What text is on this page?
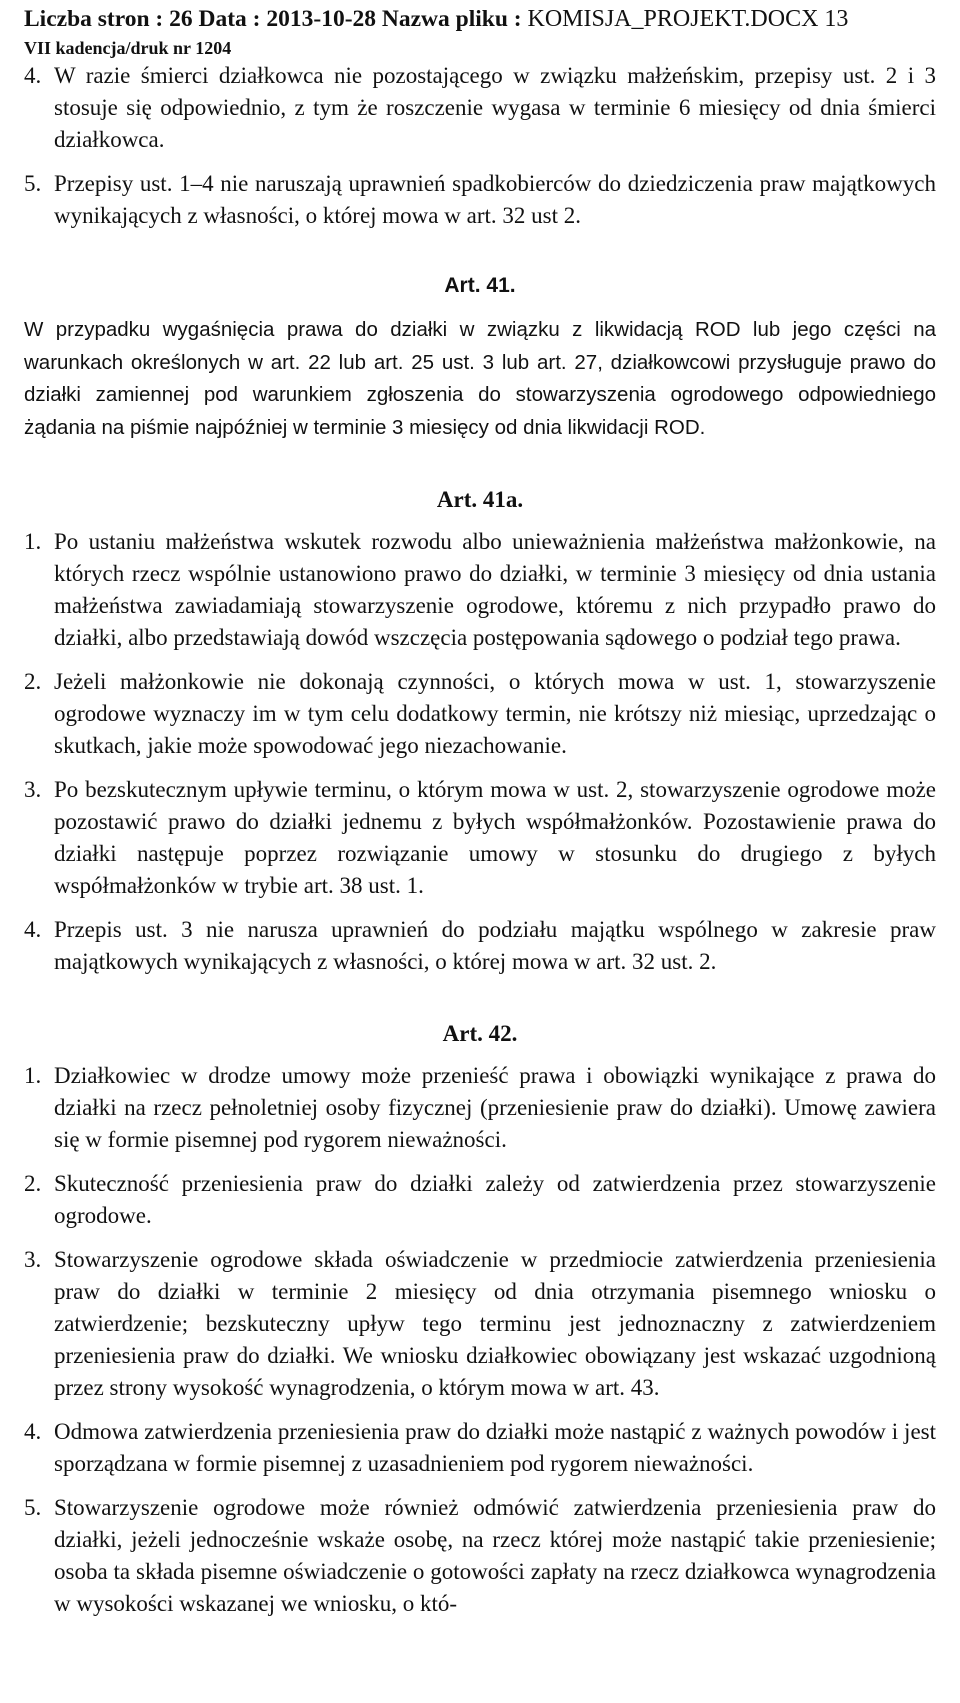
Liczba stron : 26 Data : 2013-10-28 Nazwa pliku : KOMISJA_PROJEKT.DOCX 13
VII kadencja/druk nr 1204
4. W razie śmierci działkowca nie pozostającego w związku małżeńskim, przepisy ust. 2 i 3 stosuje się odpowiednio, z tym że roszczenie wygasa w terminie 6 miesięcy od dnia śmierci działkowca.
5. Przepisy ust. 1–4 nie naruszają uprawnień spadkobierców do dziedziczenia praw majątkowych wynikających z własności, o której mowa w art. 32 ust 2.
Art. 41.
W przypadku wygaśnięcia prawa do działki w związku z likwidacją ROD lub jego części na warunkach określonych w art. 22 lub art. 25 ust. 3 lub art. 27, działkowcowi przysługuje prawo do działki zamiennej pod warunkiem zgłoszenia do stowarzyszenia ogrodowego odpowiedniego żądania na piśmie najpóźniej w terminie 3 miesięcy od dnia likwidacji ROD.
Art. 41a.
1. Po ustaniu małżeństwa wskutek rozwodu albo unieważnienia małżeństwa małżonkowie, na których rzecz wspólnie ustanowiono prawo do działki, w terminie 3 miesięcy od dnia ustania małżeństwa zawiadamiają stowarzyszenie ogrodowe, któremu z nich przypadło prawo do działki, albo przedstawiają dowód wszczęcia postępowania sądowego o podział tego prawa.
2. Jeżeli małżonkowie nie dokonają czynności, o których mowa w ust. 1, stowarzyszenie ogrodowe wyznaczy im w tym celu dodatkowy termin, nie krótszy niż miesiąc, uprzedzając o skutkach, jakie może spowodować jego niezachowanie.
3. Po bezskutecznym upływie terminu, o którym mowa w ust. 2, stowarzyszenie ogrodowe może pozostawić prawo do działki jednemu z byłych współmałżonków. Pozostawienie prawa do działki następuje poprzez rozwiązanie umowy w stosunku do drugiego z byłych współmałżonków w trybie art. 38 ust. 1.
4. Przepis ust. 3 nie narusza uprawnień do podziału majątku wspólnego w zakresie praw majątkowych wynikających z własności, o której mowa w art. 32 ust. 2.
Art. 42.
1. Działkowiec w drodze umowy może przenieść prawa i obowiązki wynikające z prawa do działki na rzecz pełnoletniej osoby fizycznej (przeniesienie praw do działki). Umowę zawiera się w formie pisemnej pod rygorem nieważności.
2. Skuteczność przeniesienia praw do działki zależy od zatwierdzenia przez stowarzyszenie ogrodowe.
3. Stowarzyszenie ogrodowe składa oświadczenie w przedmiocie zatwierdzenia przeniesienia praw do działki w terminie 2 miesięcy od dnia otrzymania pisemnego wniosku o zatwierdzenie; bezskuteczny upływ tego terminu jest jednoznaczny z zatwierdzeniem przeniesienia praw do działki. We wniosku działkowiec obowiązany jest wskazać uzgodnioną przez strony wysokość wynagrodzenia, o którym mowa w art. 43.
4. Odmowa zatwierdzenia przeniesienia praw do działki może nastąpić z ważnych powodów i jest sporządzana w formie pisemnej z uzasadnieniem pod rygorem nieważności.
5. Stowarzyszenie ogrodowe może również odmówić zatwierdzenia przeniesienia praw do działki, jeżeli jednocześnie wskaże osobę, na rzecz której może nastąpić takie przeniesienie; osoba ta składa pisemne oświadczenie o gotowości zapłaty na rzecz działkowca wynagrodzenia w wysokości wskazanej we wniosku, o któ-
